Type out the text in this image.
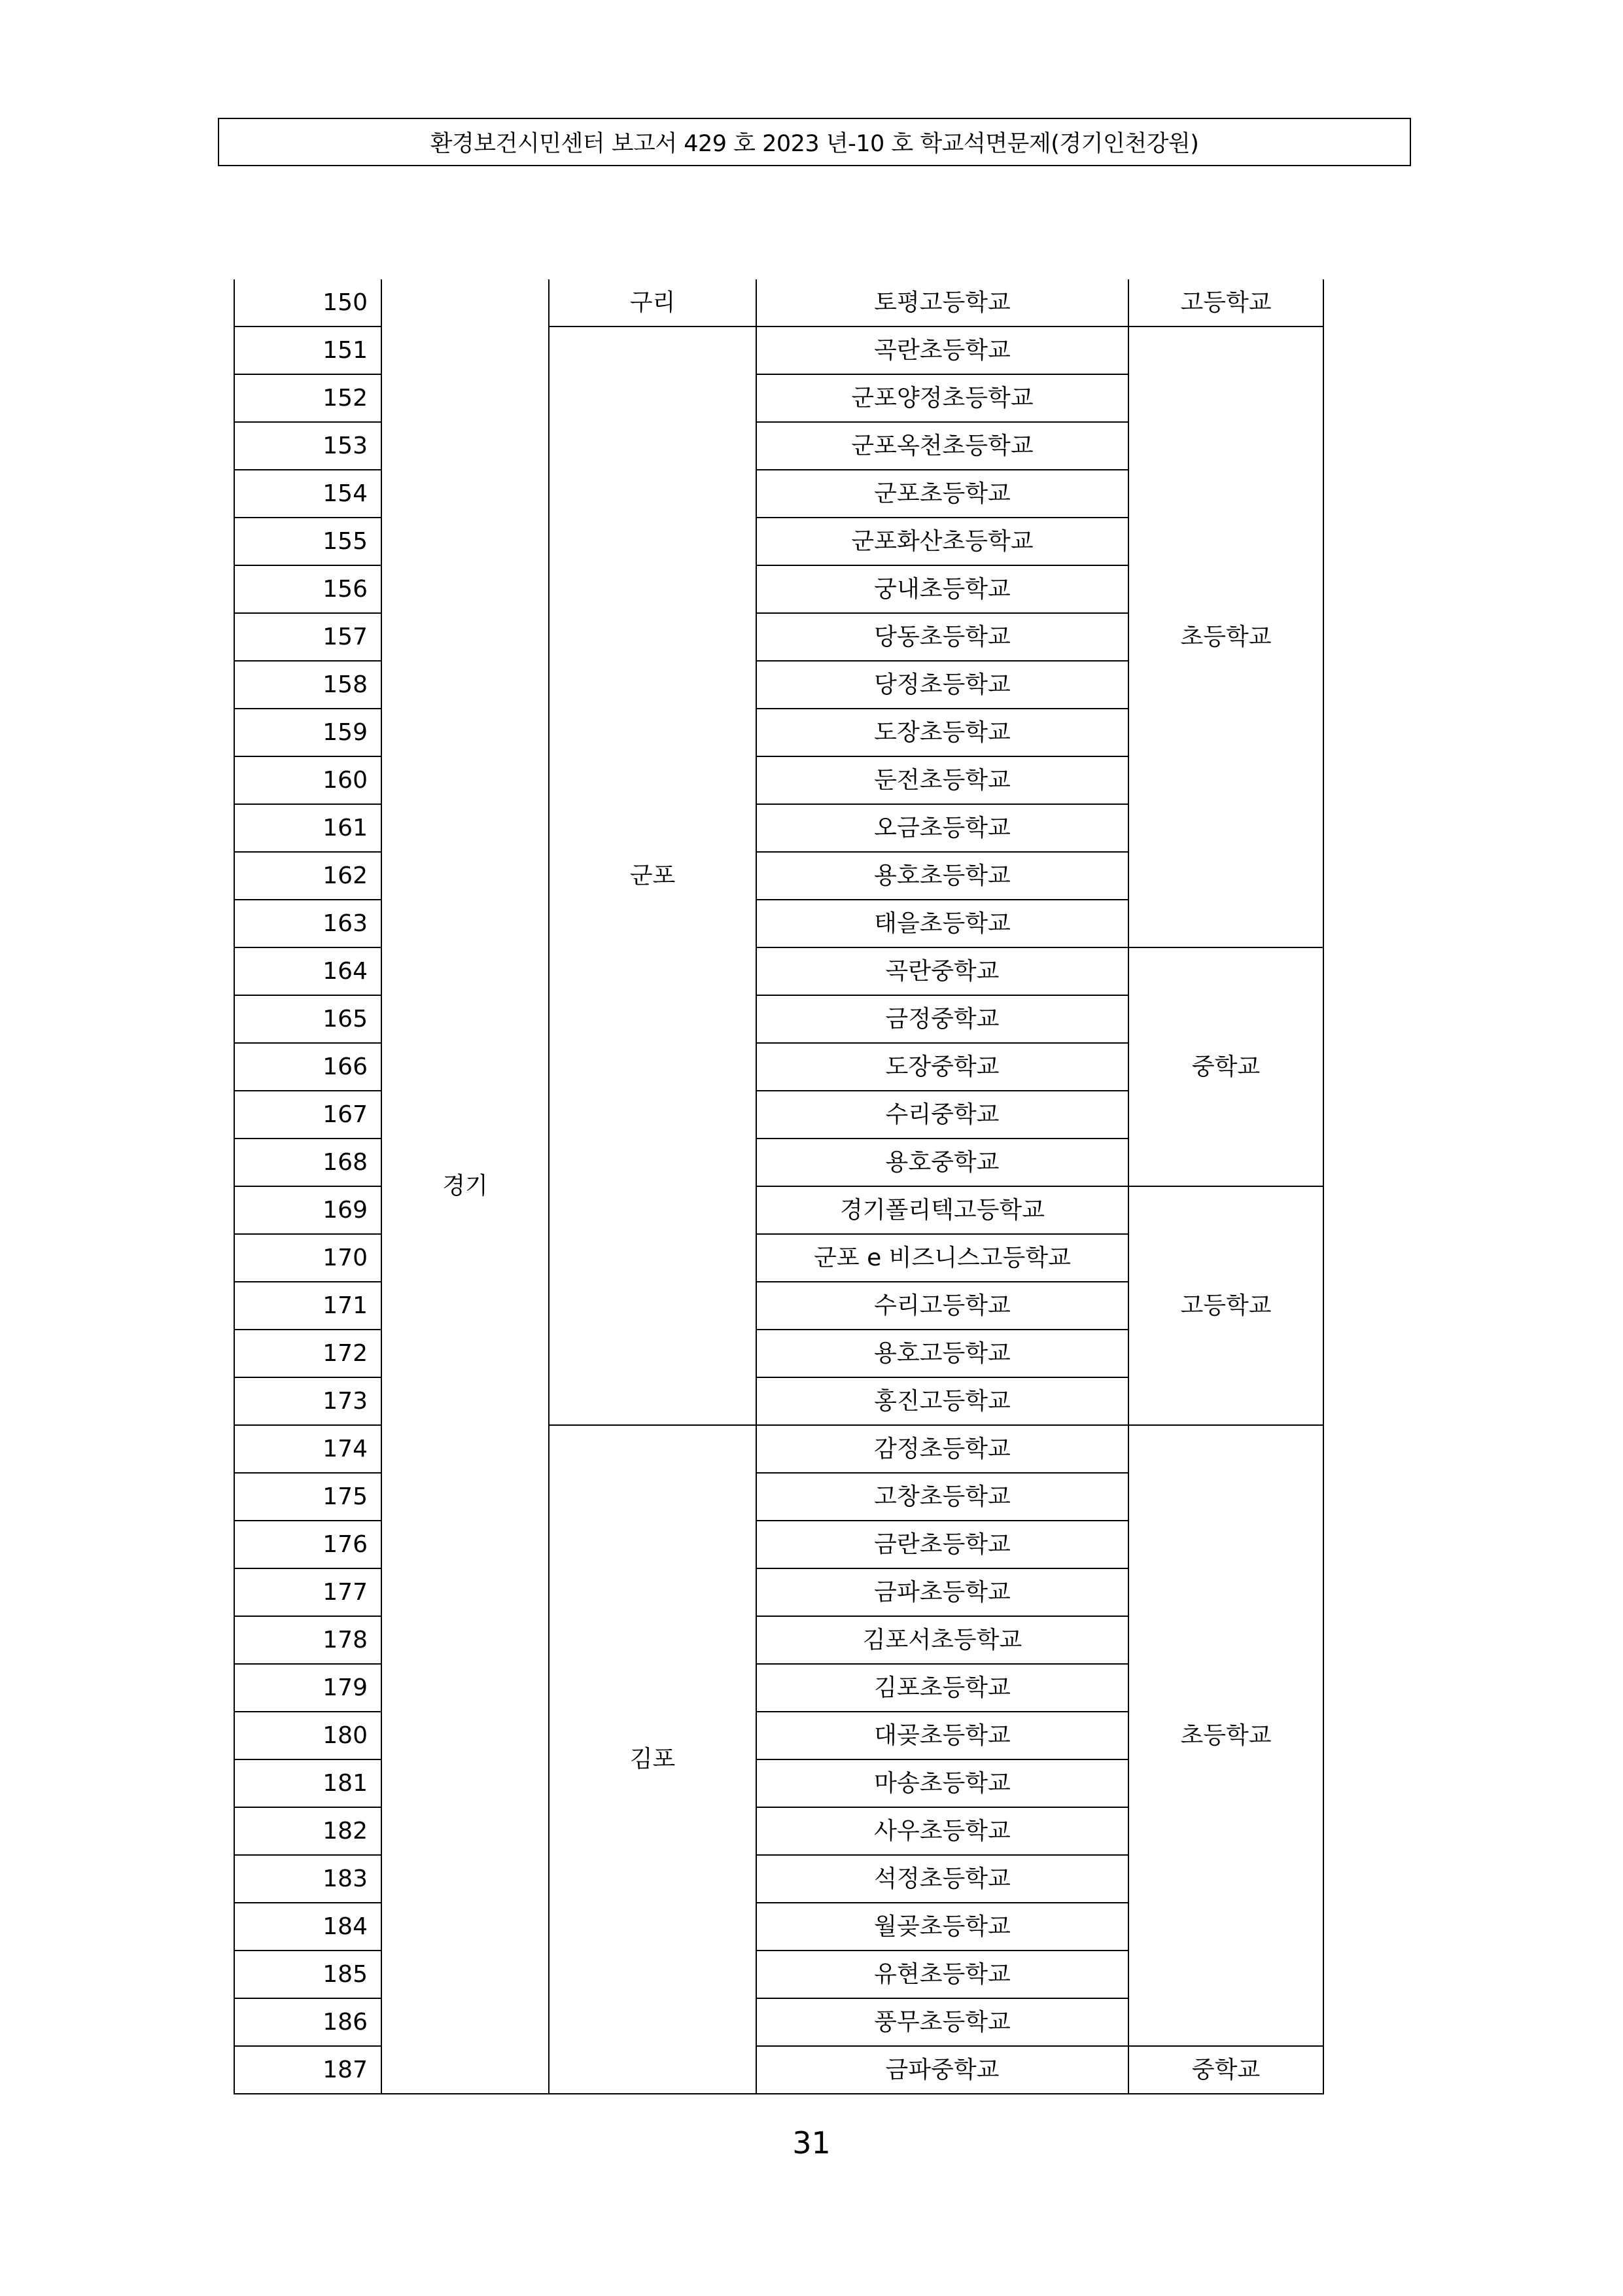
환경보건시민센터 보고서 429 호 2023 년-10 호 학교석면문제(경기인천강원)
150	경기	구리	토평고등학교	고등학교
151		군포	곡란초등학교	초등학교
152			군포양정초등학교	
153			군포옥천초등학교	
154			군포초등학교	
155			군포화산초등학교	
156			궁내초등학교	
157			당동초등학교	
158			당정초등학교	
159			도장초등학교	
160			둔전초등학교	
161			오금초등학교	
162			용호초등학교	
163			태을초등학교	
164			곡란중학교	중학교
165			금정중학교	
166			도장중학교	
167			수리중학교	
168			용호중학교	
169			경기폴리텍고등학교	고등학교
170			군포 e 비즈니스고등학교	
171			수리고등학교	
172			용호고등학교	
173			홍진고등학교	
174		김포	감정초등학교	초등학교
175			고창초등학교	
176			금란초등학교	
177			금파초등학교	
178			김포서초등학교	
179			김포초등학교	
180			대곶초등학교	
181			마송초등학교	
182			사우초등학교	
183			석정초등학교	
184			월곶초등학교	
185			유현초등학교	
186			풍무초등학교	
187			금파중학교	중학교
31
